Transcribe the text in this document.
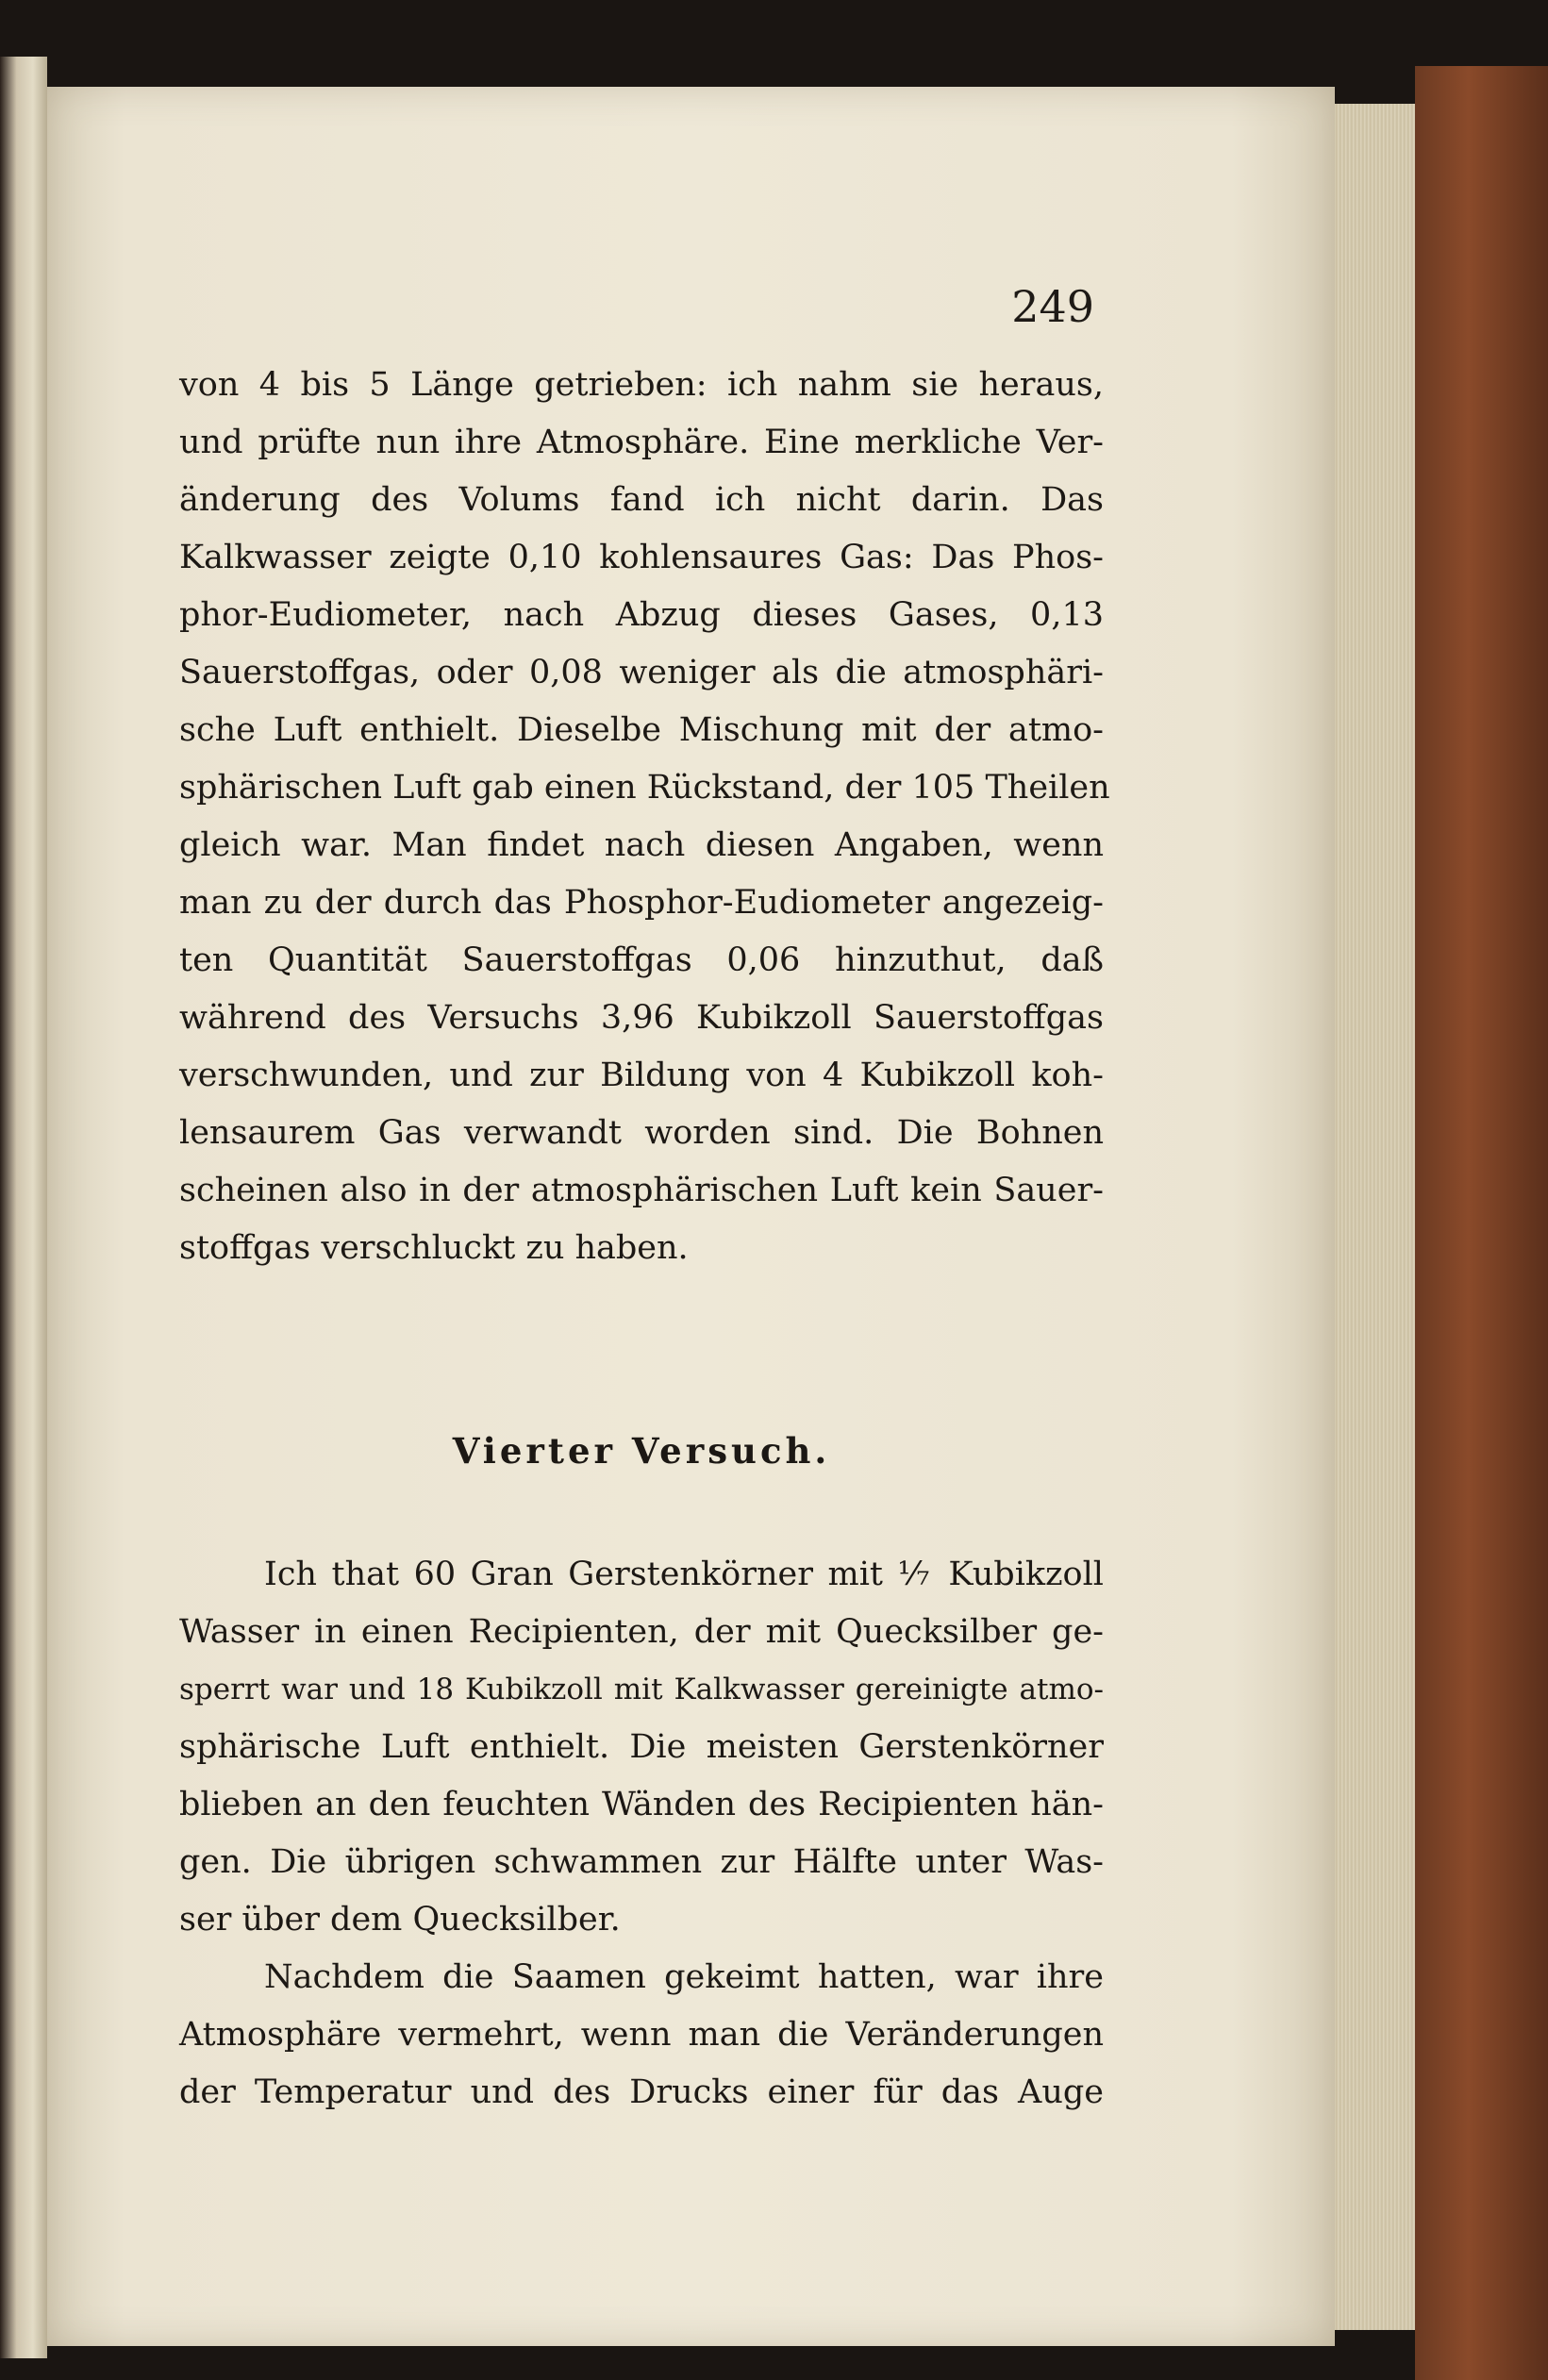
249

von 4 bis 5 Länge getrieben: ich nahm sie heraus,
und prüfte nun ihre Atmosphäre. Eine merkliche Ver-
änderung des Volums fand ich nicht darin. Das
Kalkwasser zeigte 0,10 kohlensaures Gas: Das Phos-
phor-Eudiometer, nach Abzug dieses Gases, 0,13
Sauerstoffgas, oder 0,08 weniger als die atmosphäri-
sche Luft enthielt. Dieselbe Mischung mit der atmo-
sphärischen Luft gab einen Rückstand, der 105 Theilen
gleich war. Man findet nach diesen Angaben, wenn
man zu der durch das Phosphor-Eudiometer angezeig-
ten Quantität Sauerstoffgas 0,06 hinzuthut, daß
während des Versuchs 3,96 Kubikzoll Sauerstoffgas
verschwunden, und zur Bildung von 4 Kubikzoll koh-
lensaurem Gas verwandt worden sind. Die Bohnen
scheinen also in der atmosphärischen Luft kein Sauer-
stoffgas verschluckt zu haben.
Vierter Versuch.
Ich that 60 Gran Gerstenkörner mit ⅐ Kubikzoll
Wasser in einen Recipienten, der mit Quecksilber ge-
sperrt war und 18 Kubikzoll mit Kalkwasser gereinigte atmo-
sphärische Luft enthielt. Die meisten Gerstenkörner
blieben an den feuchten Wänden des Recipienten hän-
gen. Die übrigen schwammen zur Hälfte unter Was-
ser über dem Quecksilber.
Nachdem die Saamen gekeimt hatten, war ihre
Atmosphäre vermehrt, wenn man die Veränderungen
der Temperatur und des Drucks einer für das Auge
